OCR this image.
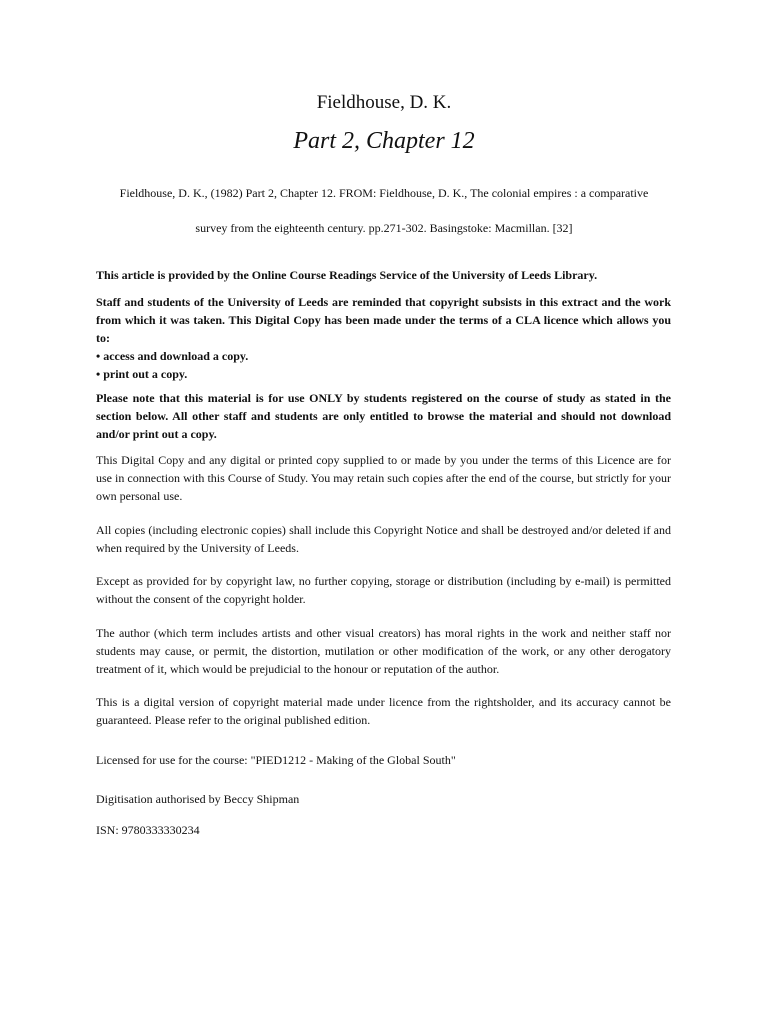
Fieldhouse, D. K.
Part 2, Chapter 12
Fieldhouse, D. K., (1982) Part 2, Chapter 12. FROM: Fieldhouse, D. K., The colonial empires : a comparative
survey from the eighteenth century. pp.271-302. Basingstoke: Macmillan. [32]
This article is provided by the Online Course Readings Service of the University of Leeds Library.
Staff and students of the University of Leeds are reminded that copyright subsists in this extract and the work from which it was taken. This Digital Copy has been made under the terms of a CLA licence which allows you to:
• access and download a copy.
• print out a copy.
Please note that this material is for use ONLY by students registered on the course of study as stated in the section below. All other staff and students are only entitled to browse the material and should not download and/or print out a copy.
This Digital Copy and any digital or printed copy supplied to or made by you under the terms of this Licence are for use in connection with this Course of Study. You may retain such copies after the end of the course, but strictly for your own personal use.
All copies (including electronic copies) shall include this Copyright Notice and shall be destroyed and/or deleted if and when required by the University of Leeds.
Except as provided for by copyright law, no further copying, storage or distribution (including by e-mail) is permitted without the consent of the copyright holder.
The author (which term includes artists and other visual creators) has moral rights in the work and neither staff nor students may cause, or permit, the distortion, mutilation or other modification of the work, or any other derogatory treatment of it, which would be prejudicial to the honour or reputation of the author.
This is a digital version of copyright material made under licence from the rightsholder, and its accuracy cannot be guaranteed. Please refer to the original published edition.
Licensed for use for the course: "PIED1212 - Making of the Global South"
Digitisation authorised by Beccy Shipman
ISN: 9780333330234
